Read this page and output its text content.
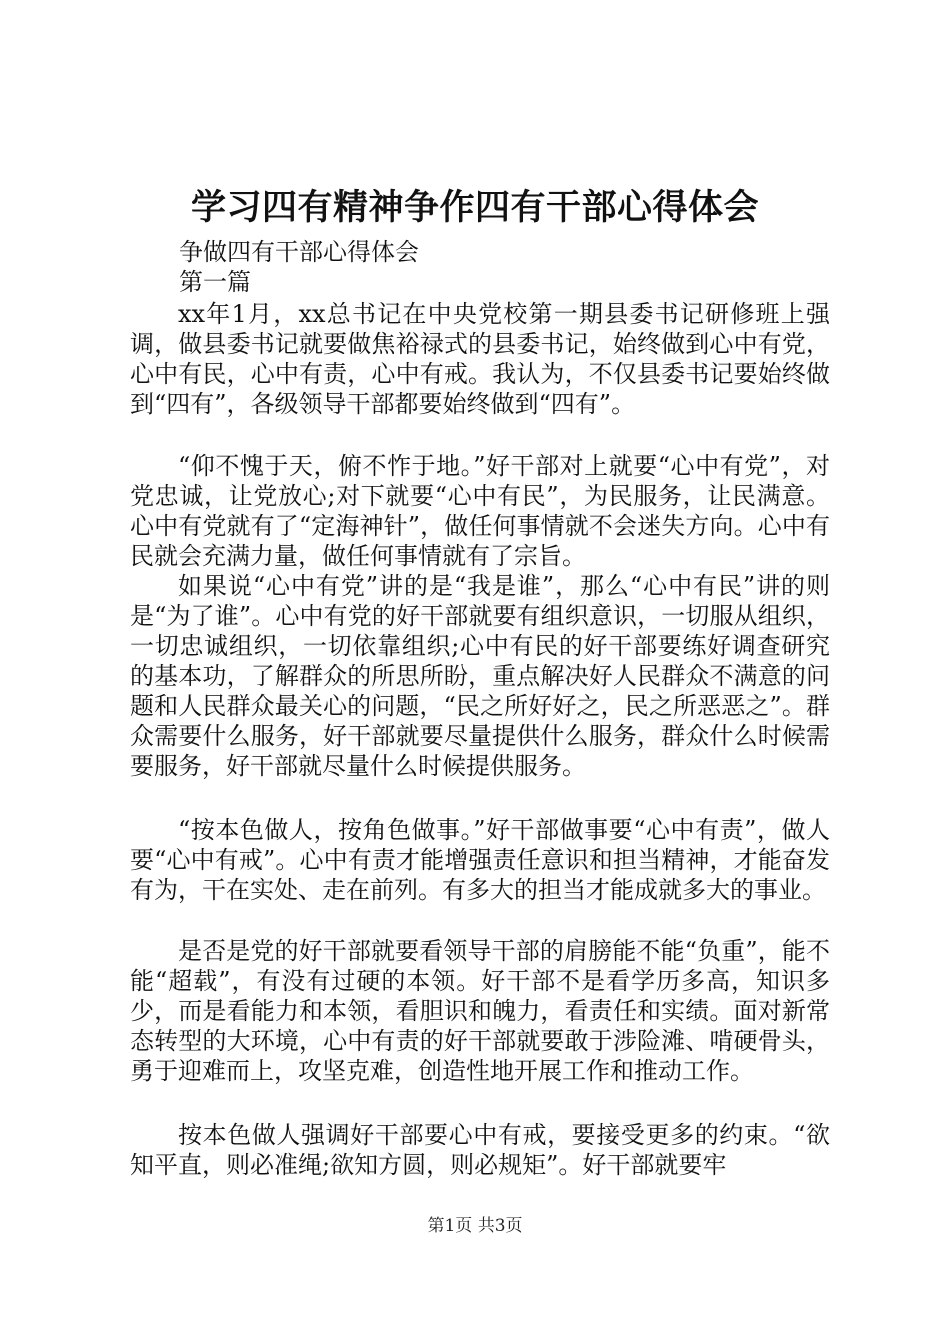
学习四有精神争作四有干部心得体会

争做四有干部心得体会

第一篇

xx年1月，xx总书记在中央党校第一期县委书记研修班上强调，做县委书记就要做焦裕禄式的县委书记，始终做到心中有党，心中有民，心中有责，心中有戒。我认为，不仅县委书记要始终做到“四有”，各级领导干部都要始终做到“四有”。

“仰不愧于天，俯不怍于地。”好干部对上就要“心中有党”，对党忠诚，让党放心;对下就要“心中有民”，为民服务，让民满意。心中有党就有了“定海神针”，做任何事情就不会迷失方向。心中有民就会充满力量，做任何事情就有了宗旨。

如果说“心中有党”讲的是“我是谁”，那么“心中有民”讲的则是“为了谁”。心中有党的好干部就要有组织意识，一切服从组织，一切忠诚组织，一切依靠组织;心中有民的好干部要练好调查研究的基本功，了解群众的所思所盼，重点解决好人民群众不满意的问题和人民群众最关心的问题，“民之所好好之，民之所恶恶之”。群众需要什么服务，好干部就要尽量提供什么服务，群众什么时候需要服务，好干部就尽量什么时候提供服务。

“按本色做人，按角色做事。”好干部做事要“心中有责”，做人要“心中有戒”。心中有责才能增强责任意识和担当精神，才能奋发有为，干在实处、走在前列。有多大的担当才能成就多大的事业。

是否是党的好干部就要看领导干部的肩膀能不能“负重”，能不能“超载”，有没有过硬的本领。好干部不是看学历多高，知识多少，而是看能力和本领，看胆识和魄力，看责任和实绩。面对新常态转型的大环境，心中有责的好干部就要敢于涉险滩、啃硬骨头，勇于迎难而上，攻坚克难，创造性地开展工作和推动工作。

按本色做人强调好干部要心中有戒，要接受更多的约束。“欲知平直，则必准绳;欲知方圆，则必规矩”。好干部就要牢

第1页 共3页
